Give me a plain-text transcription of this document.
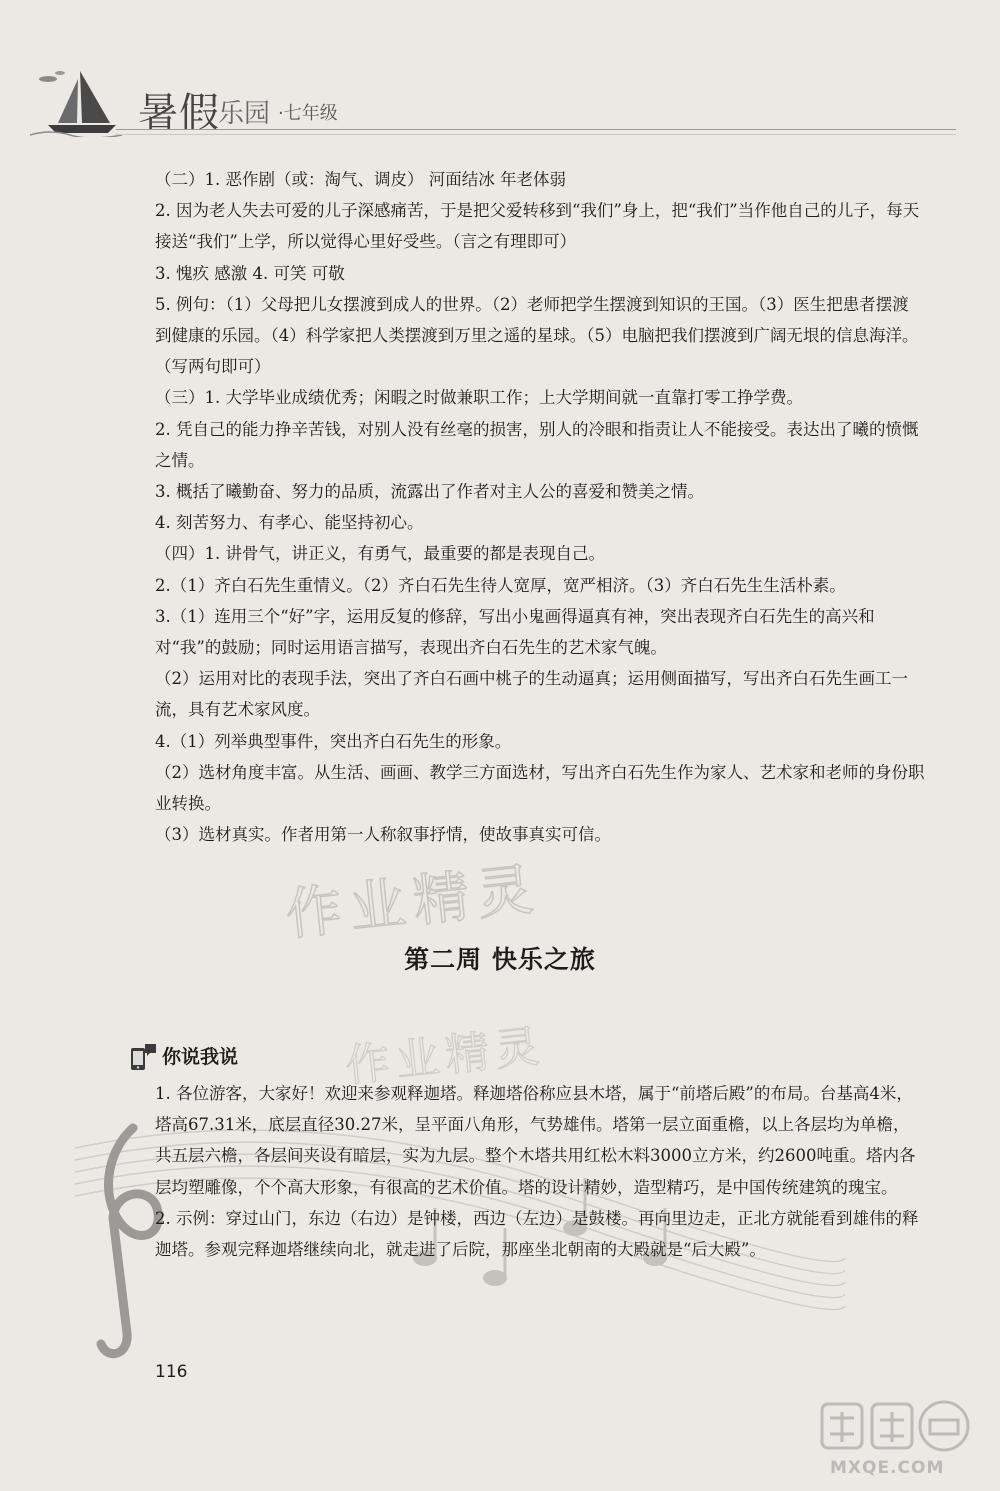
暑假
乐园 ·七年级

（二）1. 恶作剧（或：淘气、调皮） 河面结冰 年老体弱

2. 因为老人失去可爱的儿子深感痛苦，于是把父爱转移到“我们”身上，把“我们”当作他自己的儿子，每天接送“我们”上学，所以觉得心里好受些。（言之有理即可）

3. 愧疚 感激 4. 可笑 可敬

5. 例句：（1）父母把儿女摆渡到成人的世界。（2）老师把学生摆渡到知识的王国。（3）医生把患者摆渡到健康的乐园。（4）科学家把人类摆渡到万里之遥的星球。（5）电脑把我们摆渡到广阔无垠的信息海洋。（写两句即可）

（三）1. 大学毕业成绩优秀；闲暇之时做兼职工作；上大学期间就一直靠打零工挣学费。

2. 凭自己的能力挣辛苦钱，对别人没有丝毫的损害，别人的冷眼和指责让人不能接受。表达出了曦的愤慨之情。

3. 概括了曦勤奋、努力的品质，流露出了作者对主人公的喜爱和赞美之情。

4. 刻苦努力、有孝心、能坚持初心。

（四）1. 讲骨气，讲正义，有勇气，最重要的都是表现自己。

2.（1）齐白石先生重情义。（2）齐白石先生待人宽厚，宽严相济。（3）齐白石先生生活朴素。

3.（1）连用三个“好”字，运用反复的修辞，写出小鬼画得逼真有神，突出表现齐白石先生的高兴和对“我”的鼓励；同时运用语言描写，表现出齐白石先生的艺术家气魄。

（2）运用对比的表现手法，突出了齐白石画中桃子的生动逼真；运用侧面描写，写出齐白石先生画工一流，具有艺术家风度。

4.（1）列举典型事件，突出齐白石先生的形象。

（2）选材角度丰富。从生活、画画、教学三方面选材，写出齐白石先生作为家人、艺术家和老师的身份职业转换。

（3）选材真实。作者用第一人称叙事抒情，使故事真实可信。

作业精灵
作业精灵
第二周 快乐之旅
你说我说

1. 各位游客，大家好！欢迎来参观释迦塔。释迦塔俗称应县木塔，属于“前塔后殿”的布局。台基高4米，塔高67.31米，底层直径30.27米，呈平面八角形，气势雄伟。塔第一层立面重檐，以上各层均为单檐，共五层六檐，各层间夹设有暗层，实为九层。整个木塔共用红松木料3000立方米，约2600吨重。塔内各层均塑雕像，个个高大形象，有很高的艺术价值。塔的设计精妙，造型精巧，是中国传统建筑的瑰宝。

2. 示例：穿过山门，东边（右边）是钟楼，西边（左边）是鼓楼。再向里边走，正北方就能看到雄伟的释迦塔。参观完释迦塔继续向北，就走进了后院，那座坐北朝南的大殿就是“后大殿”。

116
MXQE.COM
